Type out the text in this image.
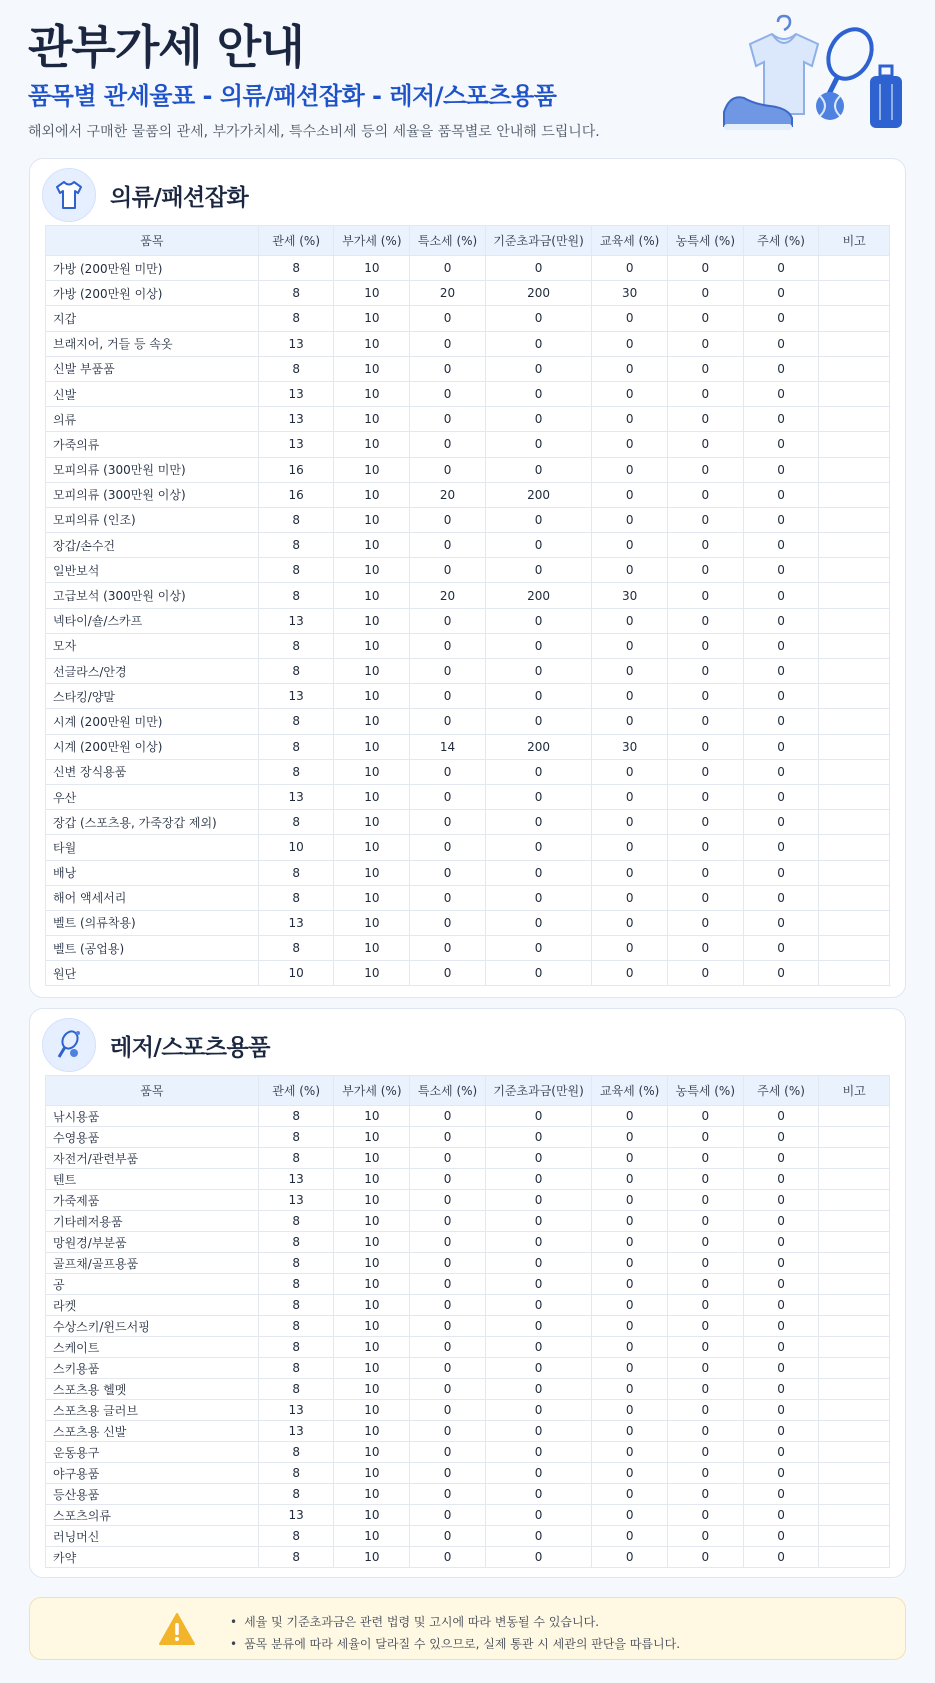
관부가세 안내
품목별 관세율표 - 의류/패션잡화 - 레저/스포츠용품
해외에서 구매한 물품의 관세, 부가가치세, 특수소비세 등의 세율을 품목별로 안내해 드립니다.
의류/패션잡화
품목	관세 (%)	부가세 (%)	특소세 (%)	기준초과금(만원)	교육세 (%)	농특세 (%)	주세 (%)	비고
가방 (200만원 미만)	8	10	0	0	0	0	0	
가방 (200만원 이상)	8	10	20	200	30	0	0	
지갑	8	10	0	0	0	0	0	
브래지어, 거들 등 속옷	13	10	0	0	0	0	0	
신발 부품품	8	10	0	0	0	0	0	
신발	13	10	0	0	0	0	0	
의류	13	10	0	0	0	0	0	
가죽의류	13	10	0	0	0	0	0	
모피의류 (300만원 미만)	16	10	0	0	0	0	0	
모피의류 (300만원 이상)	16	10	20	200	0	0	0	
모피의류 (인조)	8	10	0	0	0	0	0	
장갑/손수건	8	10	0	0	0	0	0	
일반보석	8	10	0	0	0	0	0	
고급보석 (300만원 이상)	8	10	20	200	30	0	0	
넥타이/숄/스카프	13	10	0	0	0	0	0	
모자	8	10	0	0	0	0	0	
선글라스/안경	8	10	0	0	0	0	0	
스타킹/양말	13	10	0	0	0	0	0	
시계 (200만원 미만)	8	10	0	0	0	0	0	
시계 (200만원 이상)	8	10	14	200	30	0	0	
신변 장식용품	8	10	0	0	0	0	0	
우산	13	10	0	0	0	0	0	
장갑 (스포츠용, 가죽장갑 제외)	8	10	0	0	0	0	0	
타월	10	10	0	0	0	0	0	
배낭	8	10	0	0	0	0	0	
해어 액세서리	8	10	0	0	0	0	0	
벨트 (의류착용)	13	10	0	0	0	0	0	
벨트 (공업용)	8	10	0	0	0	0	0	
원단	10	10	0	0	0	0	0	
레저/스포츠용품
품목	관세 (%)	부가세 (%)	특소세 (%)	기준초과금(만원)	교육세 (%)	농특세 (%)	주세 (%)	비고
낚시용품	8	10	0	0	0	0	0	
수영용품	8	10	0	0	0	0	0	
자전거/관련부품	8	10	0	0	0	0	0	
텐트	13	10	0	0	0	0	0	
가죽제품	13	10	0	0	0	0	0	
기타레저용품	8	10	0	0	0	0	0	
망원경/부분품	8	10	0	0	0	0	0	
골프채/골프용품	8	10	0	0	0	0	0	
공	8	10	0	0	0	0	0	
라켓	8	10	0	0	0	0	0	
수상스키/윈드서핑	8	10	0	0	0	0	0	
스케이트	8	10	0	0	0	0	0	
스키용품	8	10	0	0	0	0	0	
스포츠용 헬멧	8	10	0	0	0	0	0	
스포츠용 글러브	13	10	0	0	0	0	0	
스포츠용 신발	13	10	0	0	0	0	0	
운동용구	8	10	0	0	0	0	0	
야구용품	8	10	0	0	0	0	0	
등산용품	8	10	0	0	0	0	0	
스포츠의류	13	10	0	0	0	0	0	
러닝머신	8	10	0	0	0	0	0	
카약	8	10	0	0	0	0	0	
• 세율 및 기준초과금은 관련 법령 및 고시에 따라 변동될 수 있습니다.
• 품목 분류에 따라 세율이 달라질 수 있으므로, 실제 통관 시 세관의 판단을 따릅니다.
